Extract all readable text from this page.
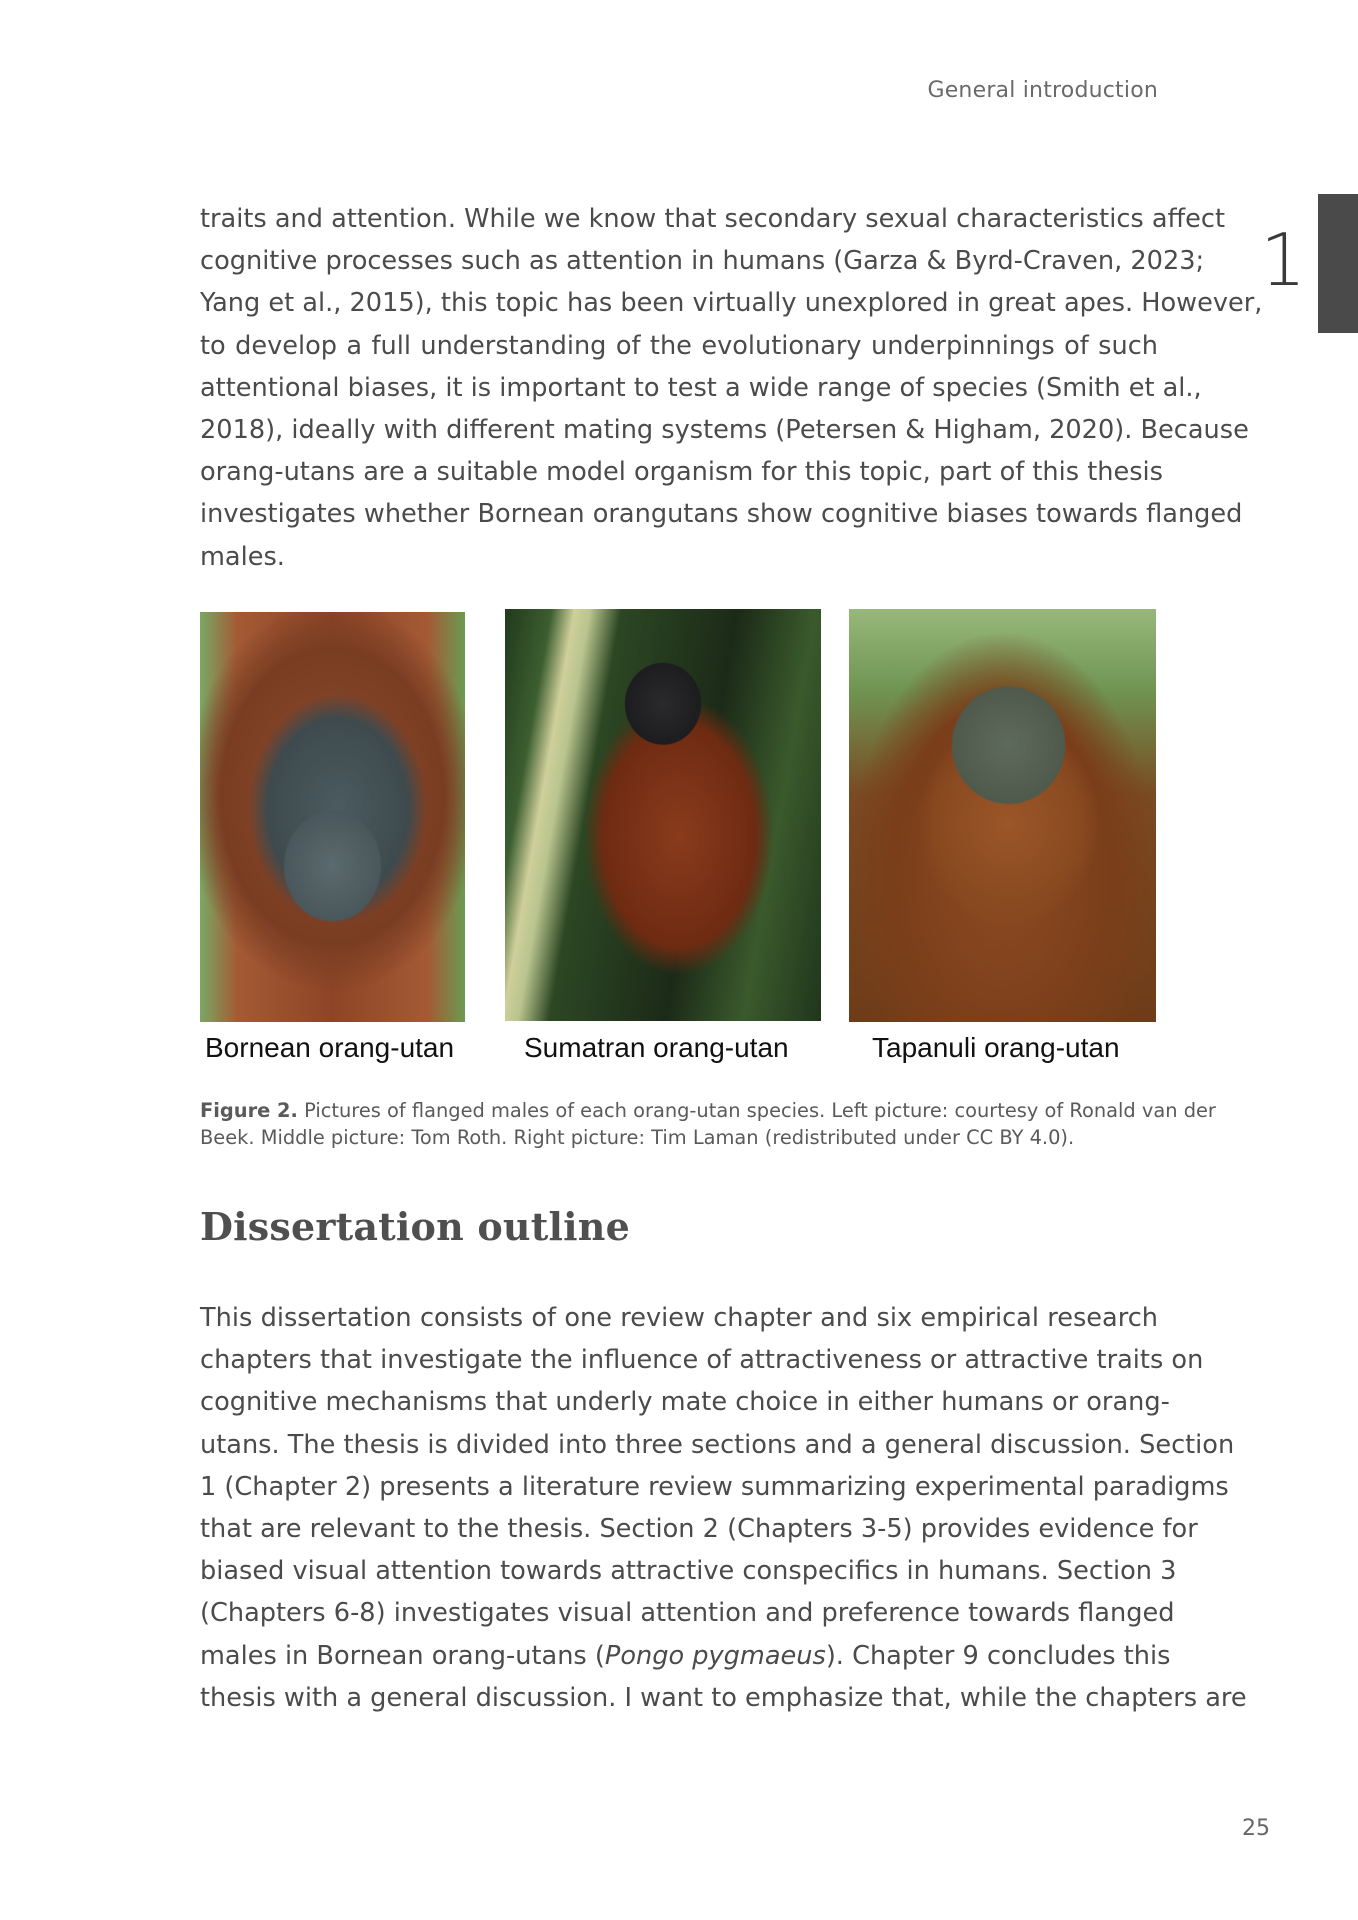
General introduction
1

traits and attention. While we know that secondary sexual characteristics affect
cognitive processes such as attention in humans (Garza & Byrd-Craven, 2023;
Yang et al., 2015), this topic has been virtually unexplored in great apes. However,
to develop a full understanding of the evolutionary underpinnings of such
attentional biases, it is important to test a wide range of species (Smith et al.,
2018), ideally with different mating systems (Petersen & Higham, 2020). Because
orang-utans are a suitable model organism for this topic, part of this thesis
investigates whether Bornean orangutans show cognitive biases towards flanged
males.

Bornean orang-utan Sumatran orang-utan	Tapanuli orang-utan

Figure 2. Pictures of flanged males of each orang-utan species. Left picture: courtesy of Ronald van der
Beek. Middle picture: Tom Roth. Right picture: Tim Laman (redistributed under CC BY 4.0).

Dissertation outline

This dissertation consists of one review chapter and six empirical research
chapters that investigate the influence of attractiveness or attractive traits on
cognitive mechanisms that underly mate choice in either humans or orang-
utans. The thesis is divided into three sections and a general discussion. Section
1 (Chapter 2) presents a literature review summarizing experimental paradigms
that are relevant to the thesis. Section 2 (Chapters 3-5) provides evidence for
biased visual attention towards attractive conspecifics in humans. Section 3
(Chapters 6-8) investigates visual attention and preference towards flanged
males in Bornean orang-utans (Pongo pygmaeus). Chapter 9 concludes this
thesis with a general discussion. I want to emphasize that, while the chapters are

25
